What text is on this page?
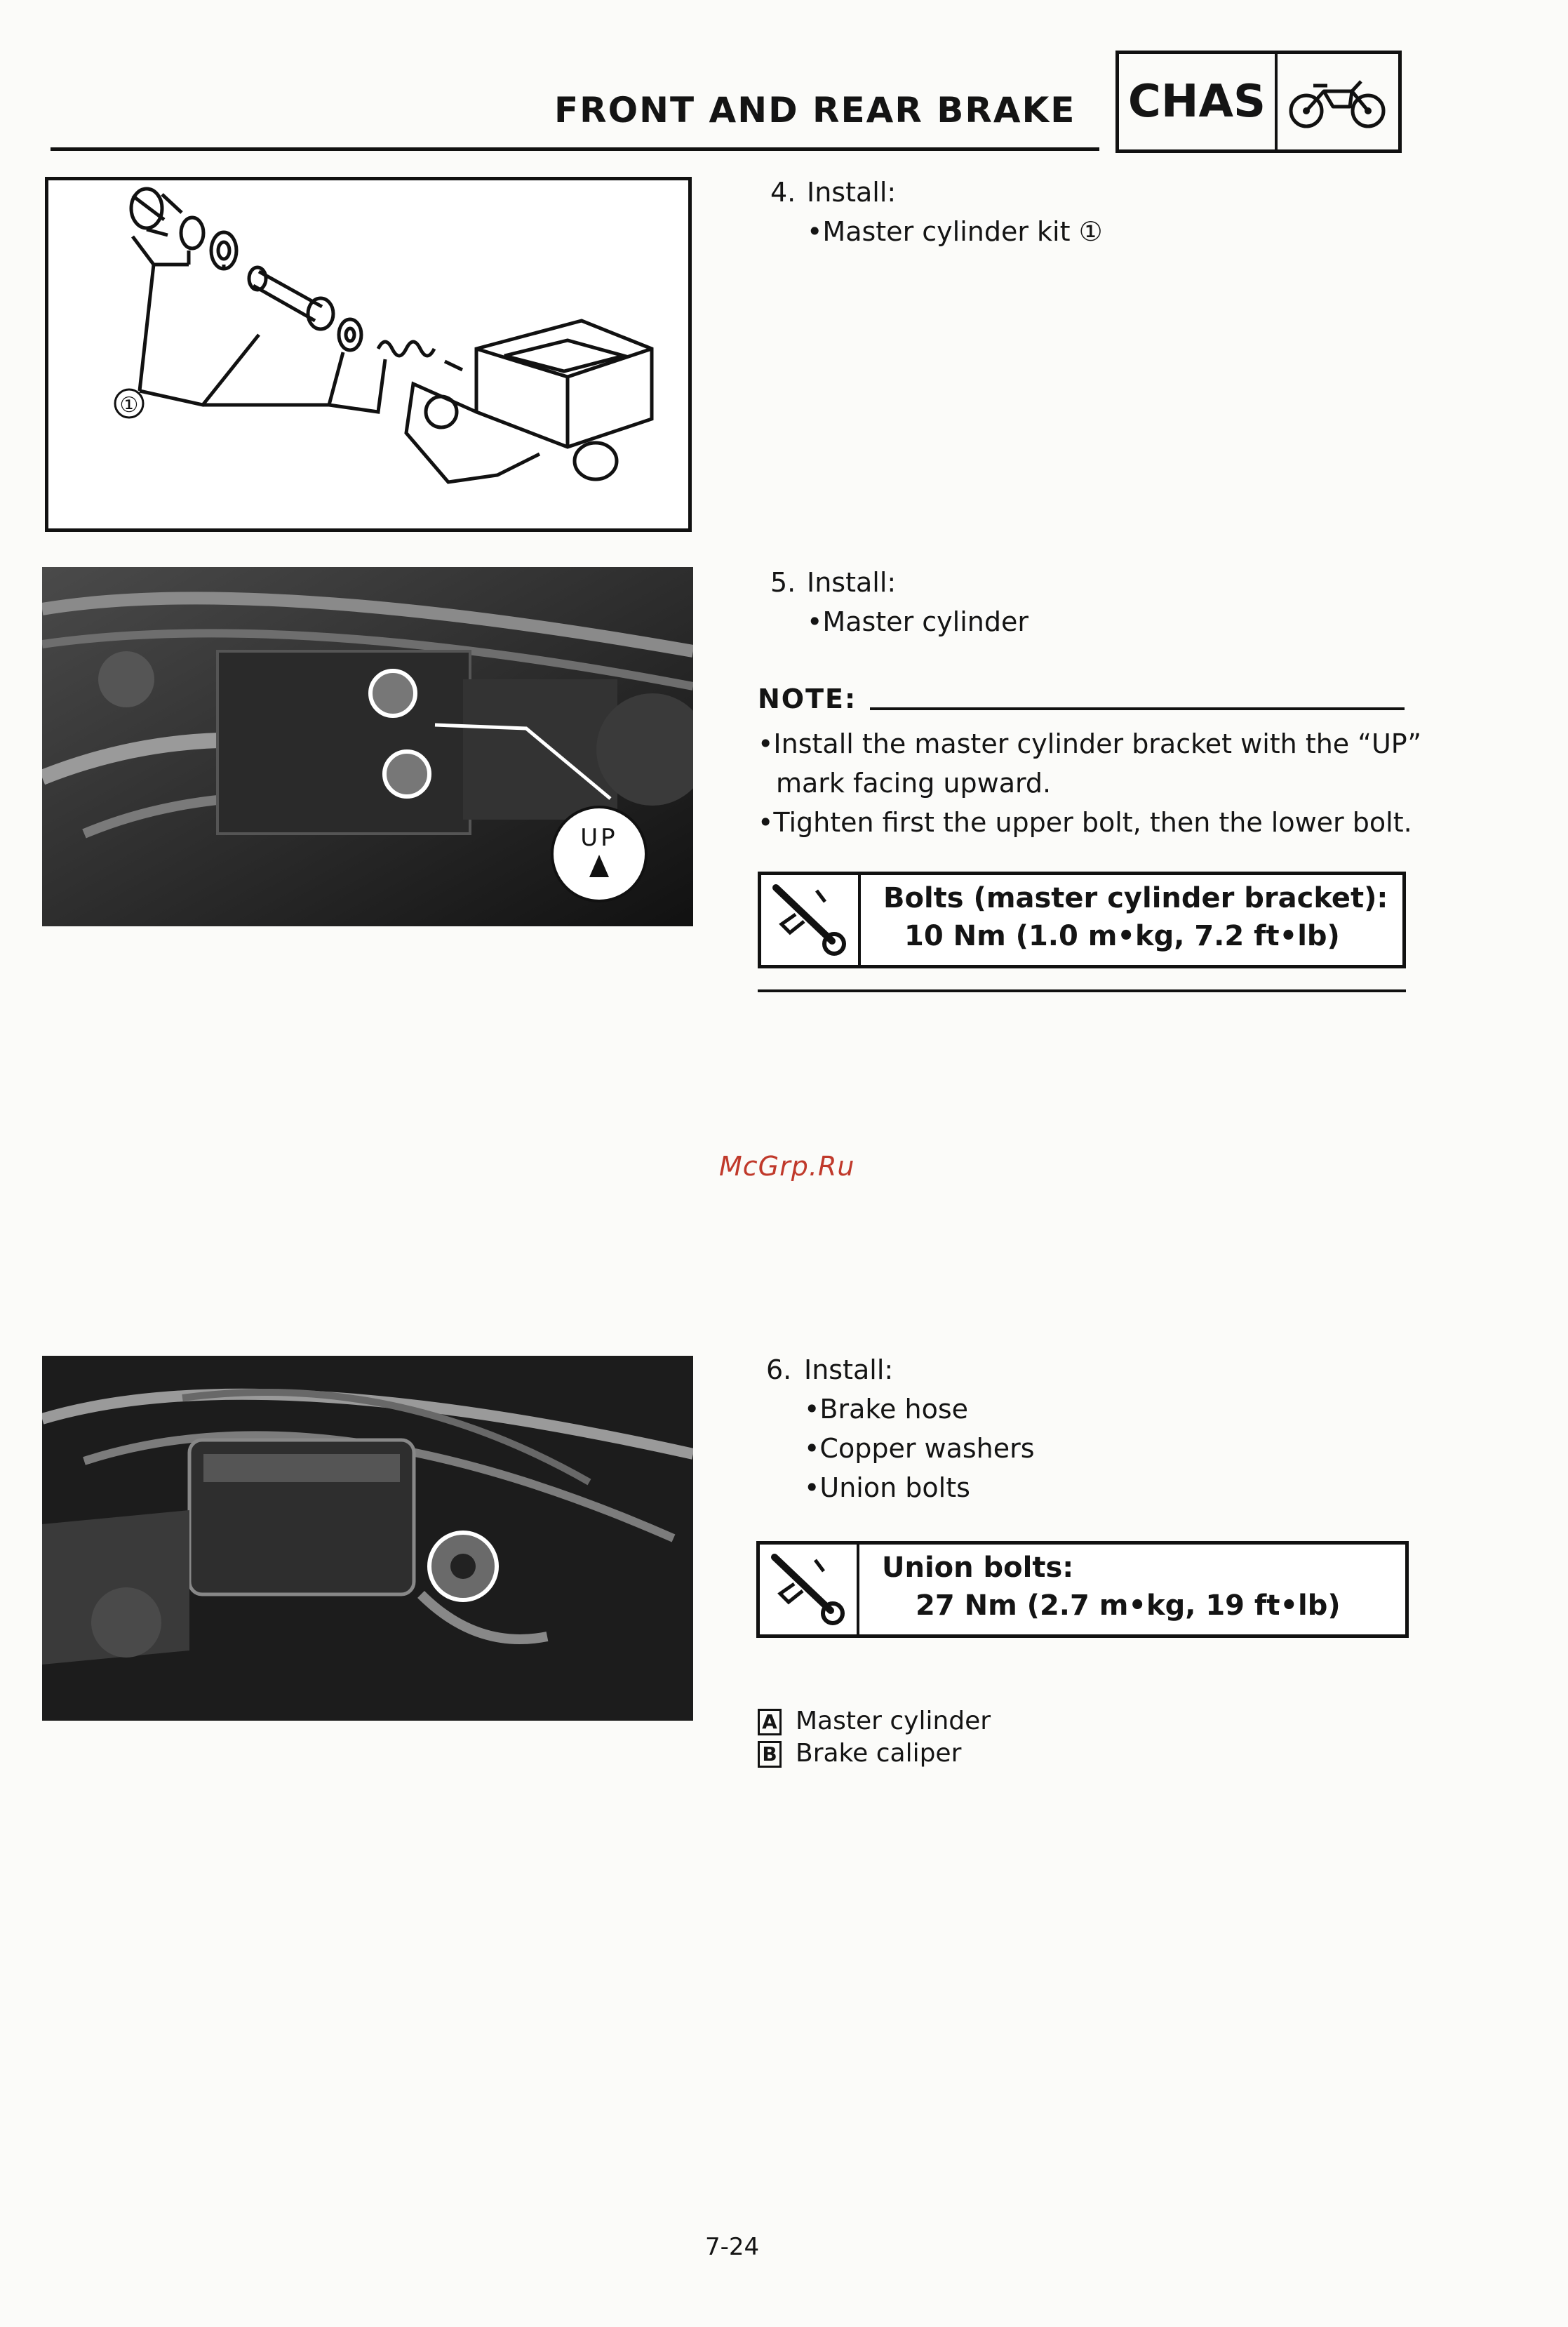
FRONT AND REAR BRAKE CHAS
①
4. Install:
•Master cylinder kit ①
UP
5. Install:
•Master cylinder
NOTE:
•Install the master cylinder bracket with the “UP”
mark facing upward.
•Tighten first the upper bolt, then the lower bolt.
Bolts (master cylinder bracket):
10 Nm (1.0 m•kg, 7.2 ft•lb)
McGrp.Ru
6. Install:
•Brake hose
•Copper washers
•Union bolts
Union bolts:
27 Nm (2.7 m•kg, 19 ft•lb)
A Master cylinder
B Brake caliper
7-24
